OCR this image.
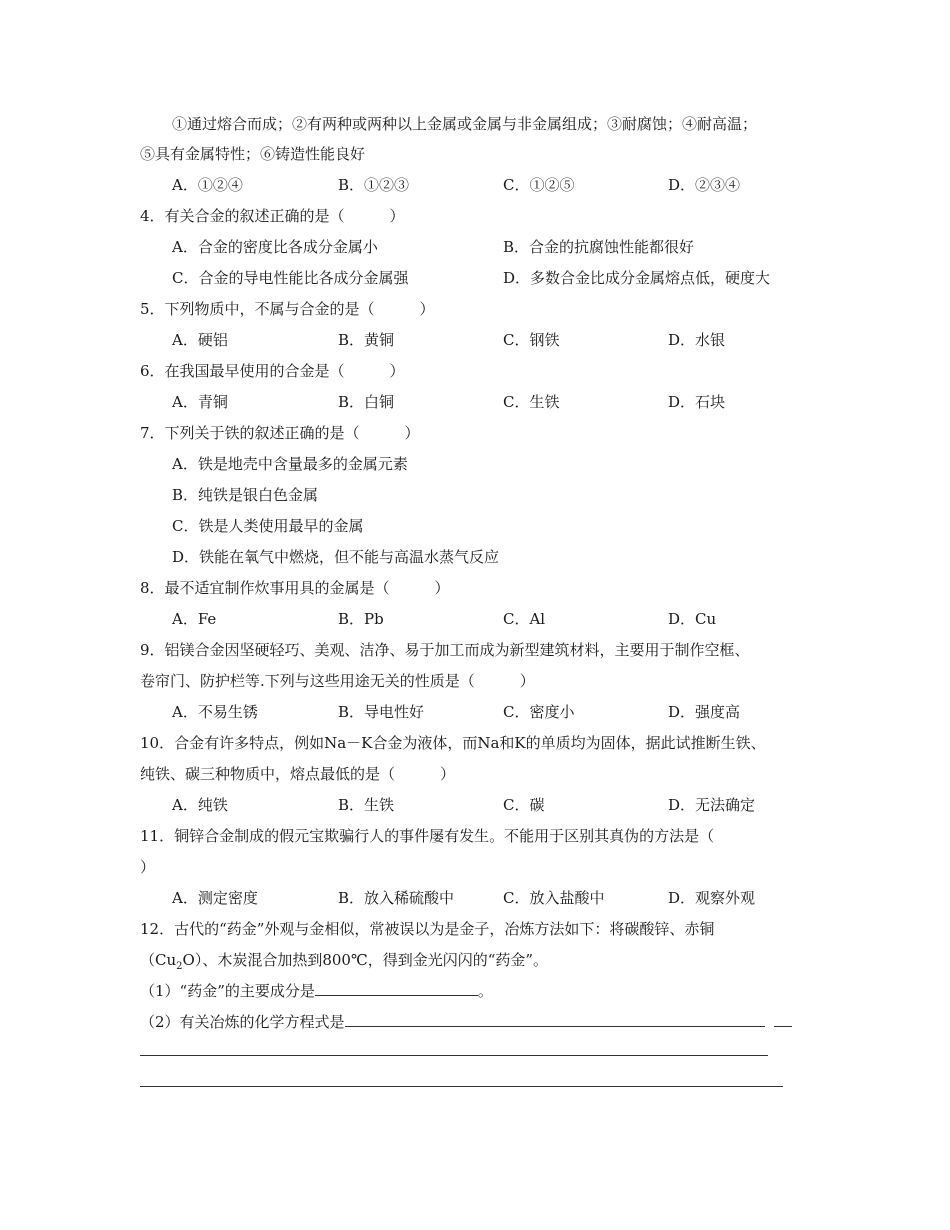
①通过熔合而成；②有两种或两种以上金属或金属与非金属组成；③耐腐蚀；④耐高温；
⑤具有金属特性；⑥铸造性能良好
A．①②④	B．①②③	C．①②⑤	D．②③④
4．有关合金的叙述正确的是（　　　）
A．合金的密度比各成分金属小	B．合金的抗腐蚀性能都很好
C．合金的导电性能比各成分金属强	D．多数合金比成分金属熔点低，硬度大
5．下列物质中，不属与合金的是（　　　）
A．硬铝	B．黄铜	C．钢铁	D．水银
6．在我国最早使用的合金是（　　　）
A．青铜	B．白铜	C．生铁	D．石块
7．下列关于铁的叙述正确的是（　　　）
A．铁是地壳中含量最多的金属元素
B．纯铁是银白色金属
C．铁是人类使用最早的金属
D．铁能在氧气中燃烧，但不能与高温水蒸气反应
8．最不适宜制作炊事用具的金属是（　　　）
A．Fe	B．Pb	C．Al	D．Cu
9．铝镁合金因坚硬轻巧、美观、洁净、易于加工而成为新型建筑材料，主要用于制作空框、
卷帘门、防护栏等.下列与这些用途无关的性质是（　　　）
A．不易生锈	B．导电性好	C．密度小	D．强度高
10．合金有许多特点，例如Na－K合金为液体，而Na和K的单质均为固体，据此试推断生铁、
纯铁、碳三种物质中，熔点最低的是（　　　）
A．纯铁	B．生铁	C．碳	D．无法确定
11．铜锌合金制成的假元宝欺骗行人的事件屡有发生。不能用于区别其真伪的方法是（
）
A．测定密度	B．放入稀硫酸中	C．放入盐酸中	D．观察外观
12．古代的“药金”外观与金相似，常被误以为是金子，冶炼方法如下：将碳酸锌、赤铜
$(Cu_2O)$、木炭混合加热到800℃，得到金光闪闪的“药金”。
（1）“药金”的主要成分是	。
（2）有关冶炼的化学方程式是
